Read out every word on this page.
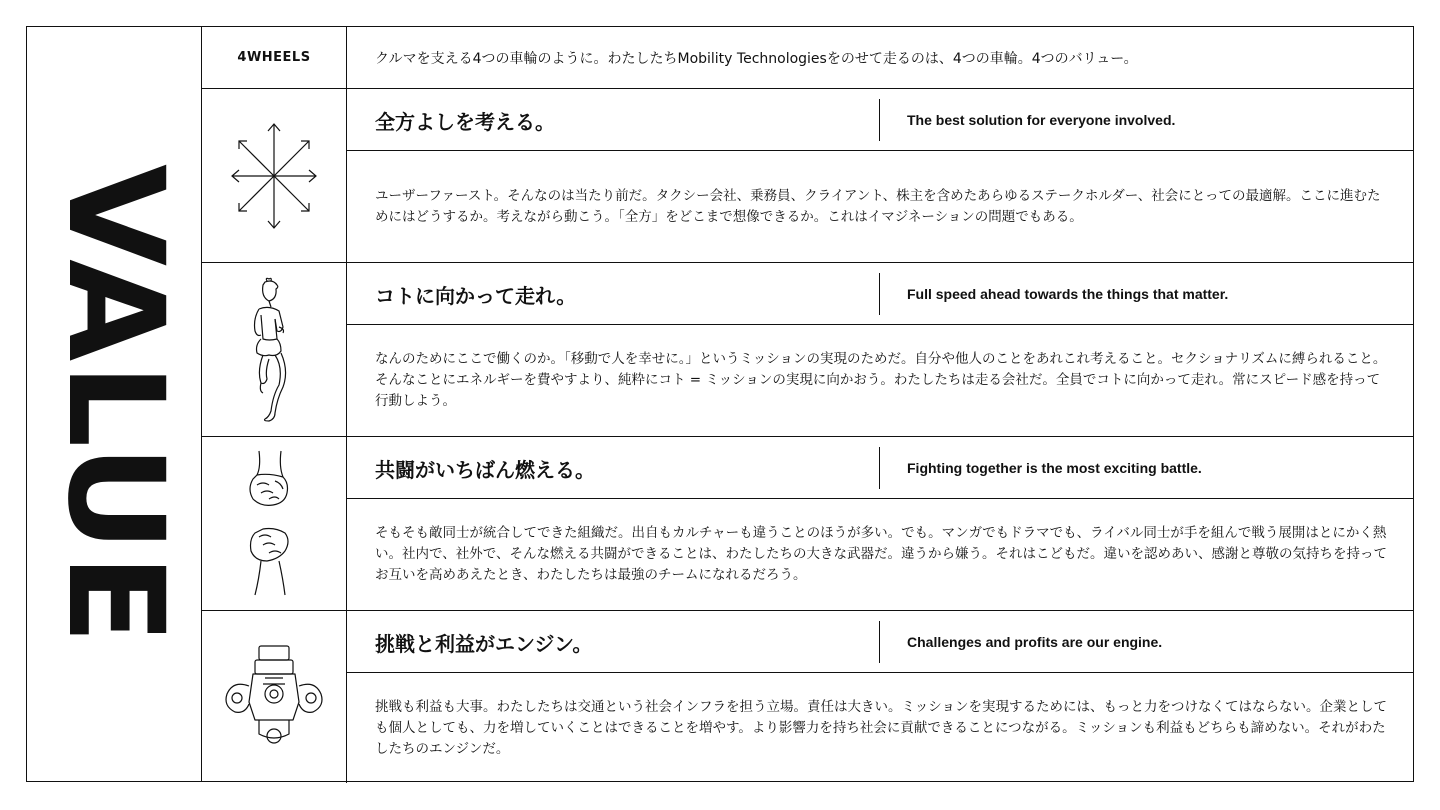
VALUE
4WHEELS	クルマを支える4つの車輪のように。わたしたちMobility Technologiesをのせて走るのは、4つの車輪。4つのバリュー。
全方よしを考える。	The best solution for everyone involved.
ユーザーファースト。そんなのは当たり前だ。タクシー会社、乗務員、クライアント、株主を含めたあらゆるステークホルダー、社会にとっての最適解。ここに進むためにはどうするか。考えながら動こう。「全方」をどこまで想像できるか。これはイマジネーションの問題でもある。
コトに向かって走れ。	Full speed ahead towards the things that matter.
なんのためにここで働くのか。「移動で人を幸せに。」というミッションの実現のためだ。自分や他人のことをあれこれ考えること。セクショナリズムに縛られること。そんなことにエネルギーを費やすより、純粋にコト = ミッションの実現に向かおう。わたしたちは走る会社だ。全員でコトに向かって走れ。常にスピード感を持って行動しよう。
共闘がいちばん燃える。	Fighting together is the most exciting battle.
そもそも敵同士が統合してできた組織だ。出自もカルチャーも違うことのほうが多い。でも。マンガでもドラマでも、ライバル同士が手を組んで戦う展開はとにかく熱い。社内で、社外で、そんな燃える共闘ができることは、わたしたちの大きな武器だ。違うから嫌う。それはこどもだ。違いを認めあい、感謝と尊敬の気持ちを持ってお互いを高めあえたとき、わたしたちは最強のチームになれるだろう。
挑戦と利益がエンジン。	Challenges and profits are our engine.
挑戦も利益も大事。わたしたちは交通という社会インフラを担う立場。責任は大きい。ミッションを実現するためには、もっと力をつけなくてはならない。企業としても個人としても、力を増していくことはできることを増やす。より影響力を持ち社会に貢献できることにつながる。ミッションも利益もどちらも諦めない。それがわたしたちのエンジンだ。
